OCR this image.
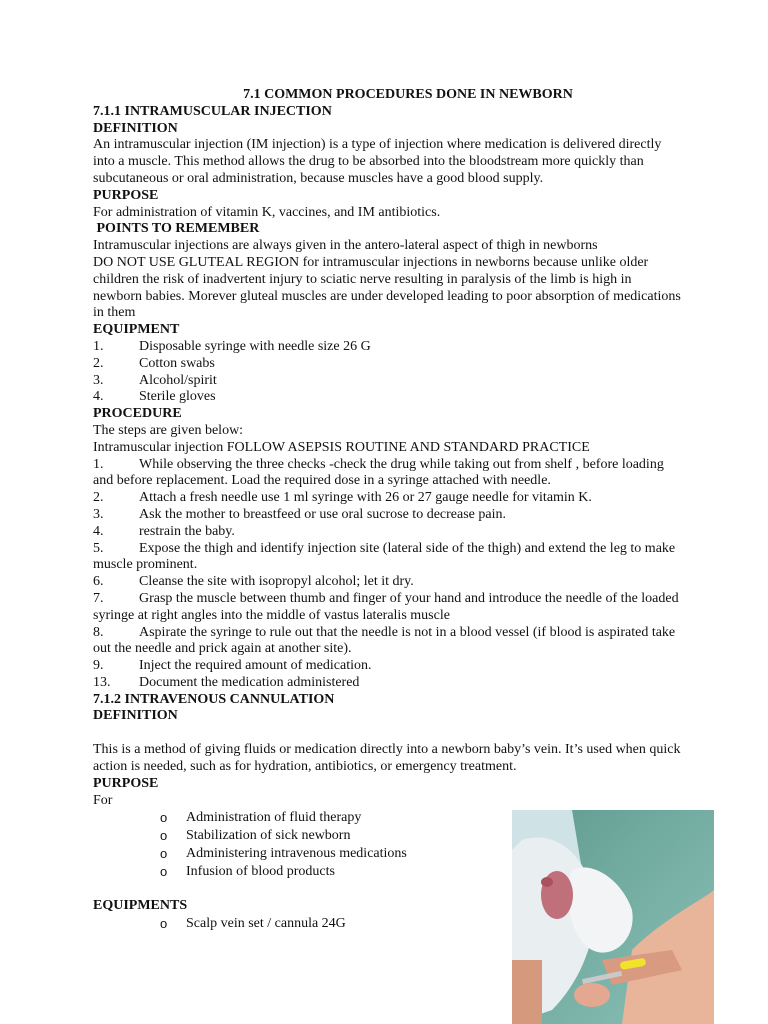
7.1 COMMON PROCEDURES DONE IN NEWBORN

7.1.1 INTRAMUSCULAR INJECTION

DEFINITION

An intramuscular injection (IM injection) is a type of injection where medication is delivered directly into a muscle. This method allows the drug to be absorbed into the bloodstream more quickly than subcutaneous or oral administration, because muscles have a good blood supply.

PURPOSE

For administration of vitamin K, vaccines, and IM antibiotics.

POINTS TO REMEMBER

Intramuscular injections are always given in the antero-lateral aspect of thigh in newborns

DO NOT USE GLUTEAL REGION for intramuscular injections in newborns because unlike older children the risk of inadvertent injury to sciatic nerve resulting in paralysis of the limb is high in newborn babies. Morever gluteal muscles are under developed leading to poor absorption of medications in them

EQUIPMENT

1.	Disposable syringe with needle size 26 G
2.	Cotton swabs
3.	Alcohol/spirit
4.	Sterile gloves

PROCEDURE

The steps are given below:

Intramuscular injection FOLLOW ASEPSIS ROUTINE AND STANDARD PRACTICE

1.	While observing the three checks -check the drug while taking out from shelf , before loading and before replacement. Load the required dose in a syringe attached with needle.

2.	Attach a fresh needle use 1 ml syringe with 26 or 27 gauge needle for vitamin K.

3.	Ask the mother to breastfeed or use oral sucrose to decrease pain.

4.	restrain the baby.

5.	Expose the thigh and identify injection site (lateral side of the thigh) and extend the leg to make muscle prominent.

6.	Cleanse the site with isopropyl alcohol; let it dry.

7.	Grasp the muscle between thumb and finger of your hand and introduce the needle of the loaded syringe at right angles into the middle of vastus lateralis muscle

8.	Aspirate the syringe to rule out that the needle is not in a blood vessel (if blood is aspirated take out the needle and prick again at another site).

9.	Inject the required amount of medication.

13. Document the medication administered

7.1.2 INTRAVENOUS CANNULATION

DEFINITION

This is a method of giving fluids or medication directly into a newborn baby’s vein. It’s used when quick action is needed, such as for hydration, antibiotics, or emergency treatment.

PURPOSE

For

o	Administration of fluid therapy
o	Stabilization of sick newborn
o	Administering intravenous medications
o	Infusion of blood products

EQUIPMENTS

o	Scalp vein set / cannula 24G
